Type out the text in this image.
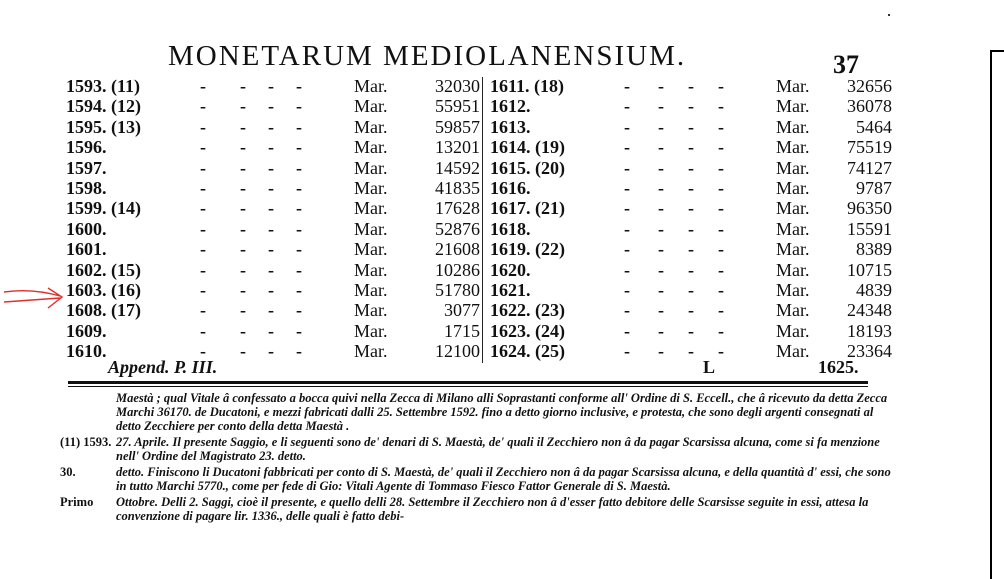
MONETARUM MEDIOLANENSIUM.	37
1593. (11)	- - - -	Mar.	32030
1594. (12)	- - - -	Mar.	55951
1595. (13)	- - - -	Mar.	59857
1596.	- - - -	Mar.	13201
1597.	- - - -	Mar.	14592
1598.	- - - -	Mar.	41835
1599. (14)	- - - -	Mar.	17628
1600.	- - - -	Mar.	52876
1601.	- - - -	Mar.	21608
1602. (15)	- - - -	Mar.	10286
1603. (16)	- - - -	Mar.	51780
1608. (17)	- - - -	Mar.	3077
1609.	- - - -	Mar.	1715
1610.	- - - -	Mar.	12100
1611. (18)	- - - -	Mar.	32656
1612.	- - - -	Mar.	36078
1613.	- - - -	Mar.	5464
1614. (19)	- - - -	Mar.	75519
1615. (20)	- - - -	Mar.	74127
1616.	- - - -	Mar.	9787
1617. (21)	- - - -	Mar.	96350
1618.	- - - -	Mar.	15591
1619. (22)	- - - -	Mar.	8389
1620.	- - - -	Mar.	10715
1621.	- - - -	Mar.	4839
1622. (23)	- - - -	Mar.	24348
1623. (24)	- - - -	Mar.	18193
1624. (25)	- - - -	Mar.	23364
Append. P. III.	L	1625.

Maestà ; qual Vitale â confessato a bocca quivi nella Zecca di Milano alli Soprastanti conforme all' Ordine di S. Eccell., che â ricevuto da detta Zecca Marchi 36170. de Ducatoni, e mezzi fabricati dalli 25. Settembre 1592. fino a detto giorno inclusive, e protesta, che sono degli argenti consegnati al detto Zecchiere per conto della detta Maestà .

(11) 1593. 27. Aprile. Il presente Saggio, e li seguenti sono de' denari di S. Maestà, de' quali il Zecchiero non â da pagar Scarsissa alcuna, come si fa menzione nell' Ordine del Magistrato 23. detto.

30.	detto. Finiscono li Ducatoni fabbricati per conto di S. Maestà, de' quali il Zecchiero non â da pagar Scarsissa alcuna, e della quantità d' essi, che sono in tutto Marchi 5770., come per fede di Gio: Vitali Agente di Tommaso Fiesco Fattor Generale di S. Maestà.

Primo Ottobre. Delli 2. Saggi, cioè il presente, e quello delli 28. Settembre il Zecchiero non â d'esser fatto debitore delle Scarsisse seguite in essi, attesa la convenzione di pagare lir. 1336., delle quali è fatto debi-
